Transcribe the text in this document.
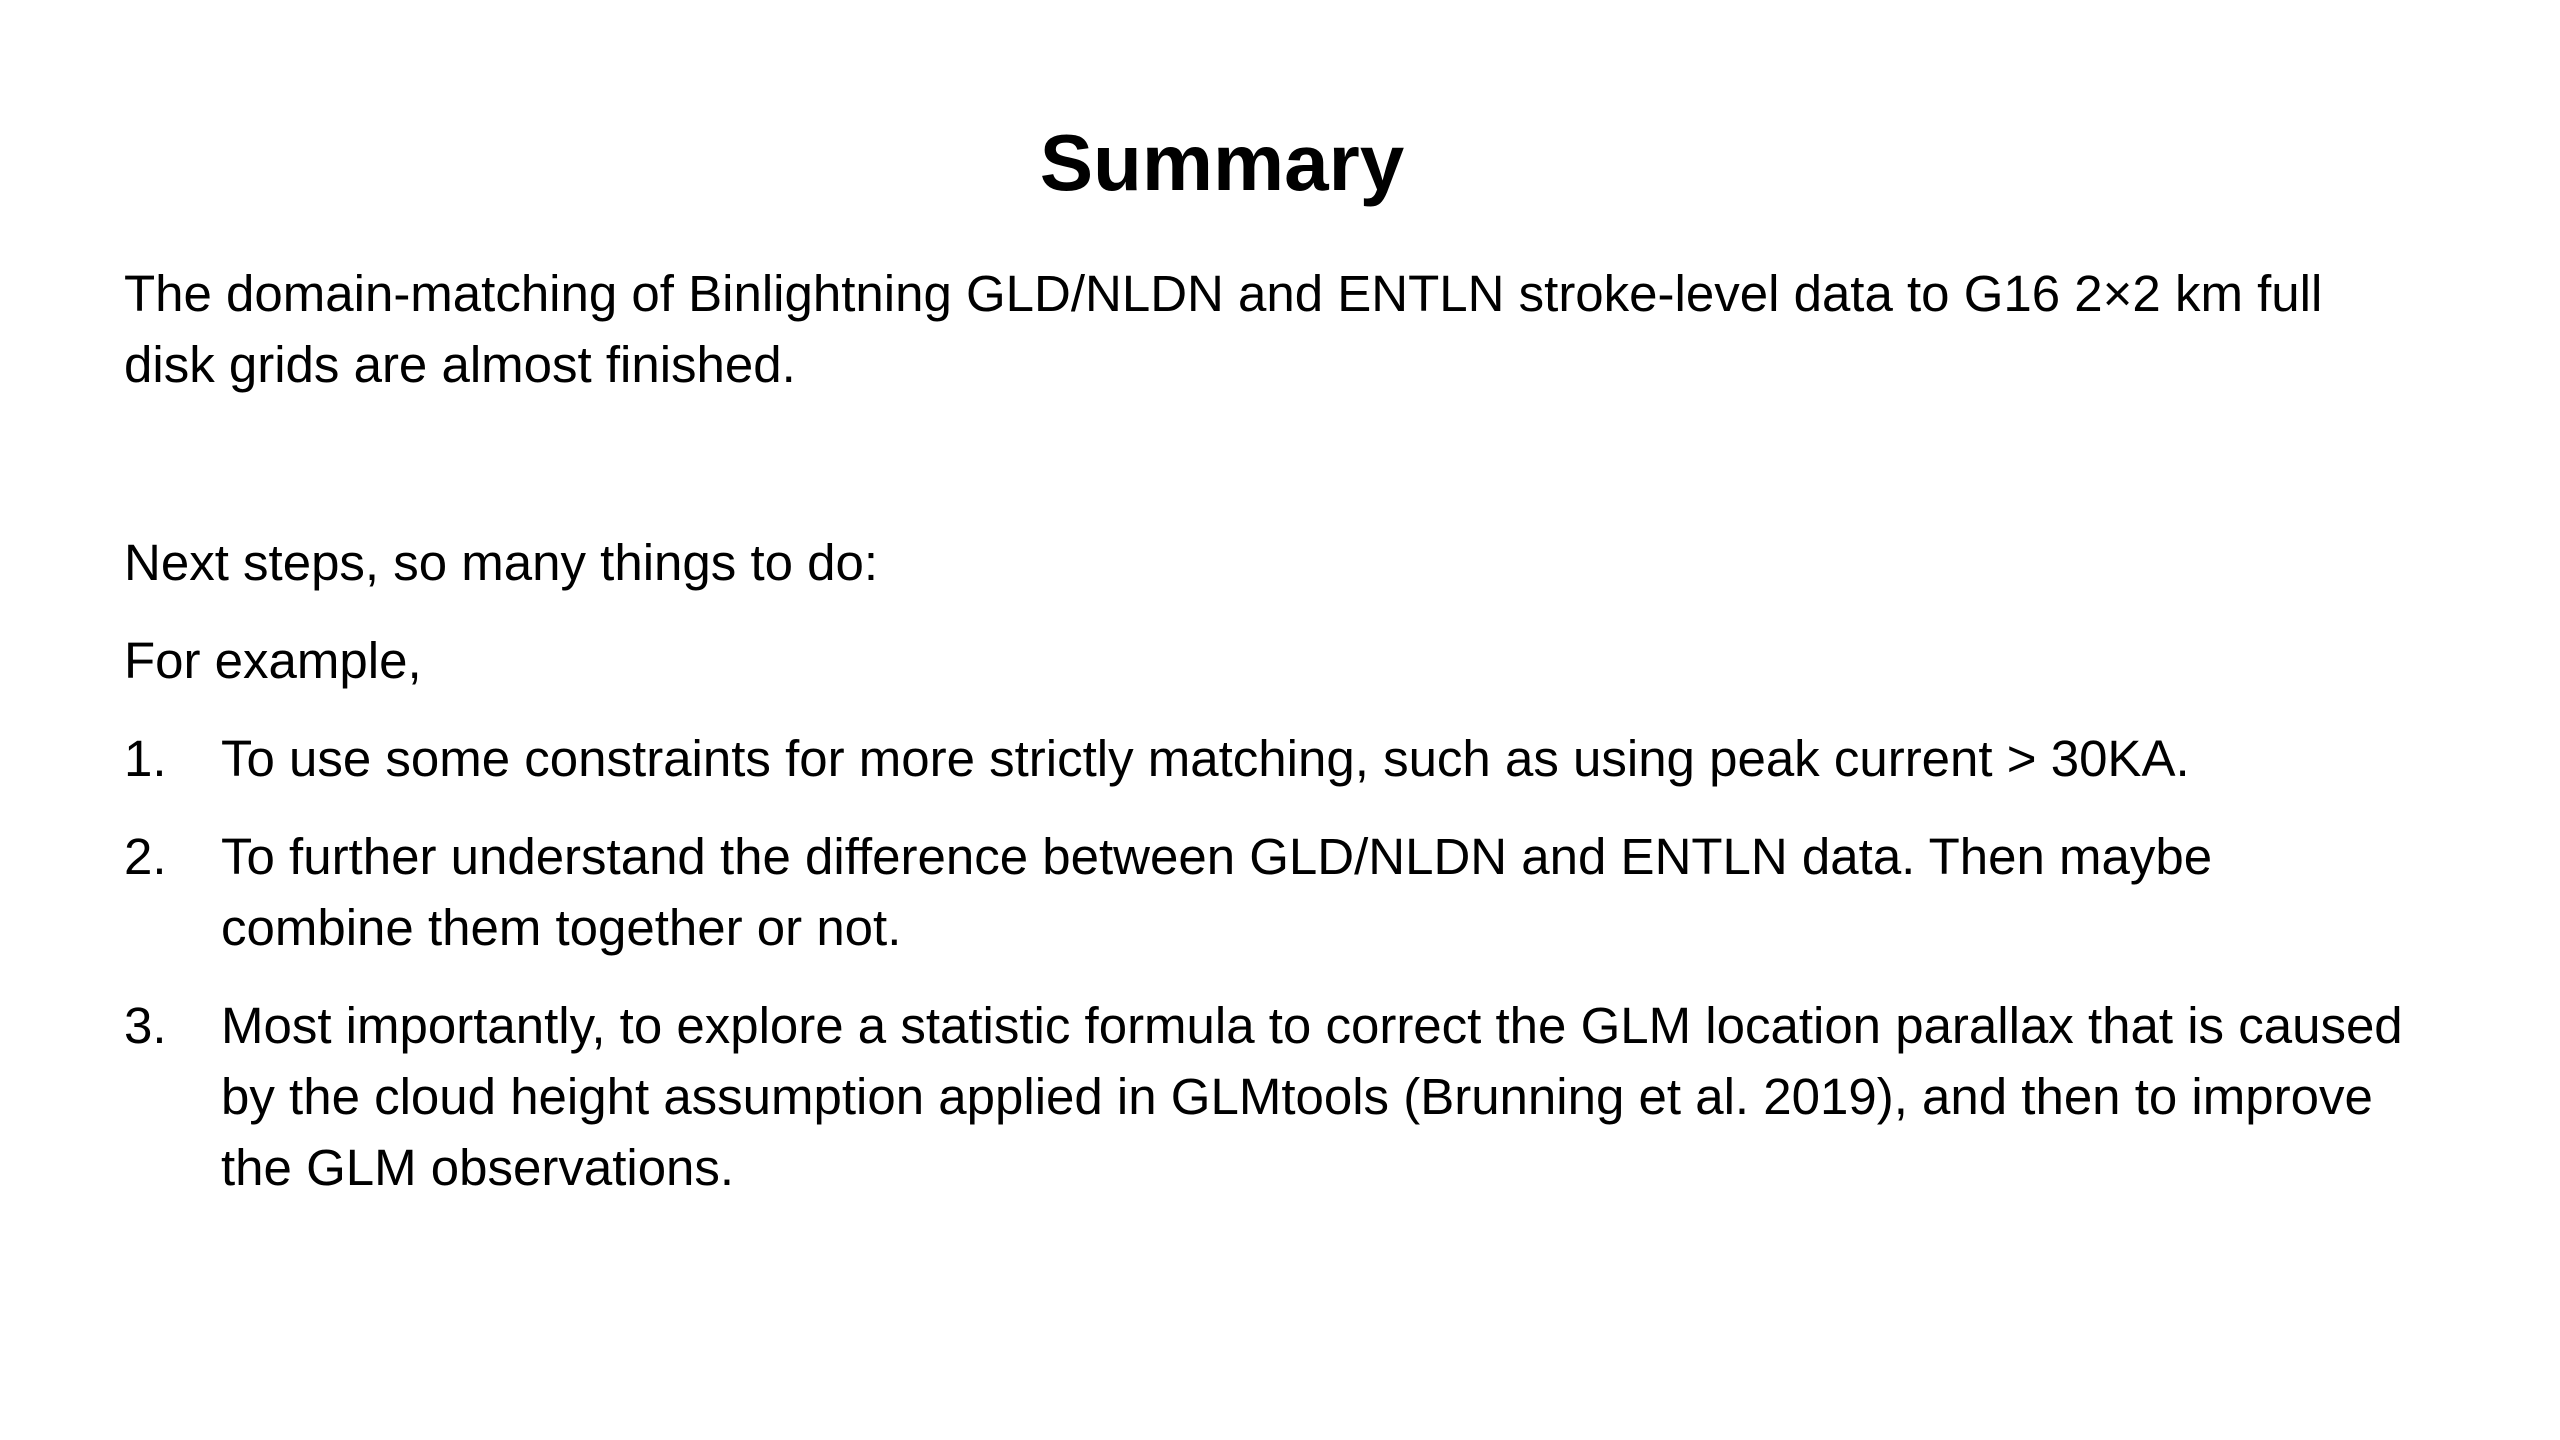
Summary

The domain-matching of Binlightning GLD/NLDN and ENTLN stroke-level data to G16 2×2 km full disk grids are almost finished.

Next steps, so many things to do:

For example,

1.	To use some constraints for more strictly matching, such as using peak current > 30KA.
2.	To further understand the difference between GLD/NLDN and ENTLN data. Then maybe combine them together or not.
3.	Most importantly, to explore a statistic formula to correct the GLM location parallax that is caused by the cloud height assumption applied in GLMtools (Brunning et al. 2019), and then to improve the GLM observations.
